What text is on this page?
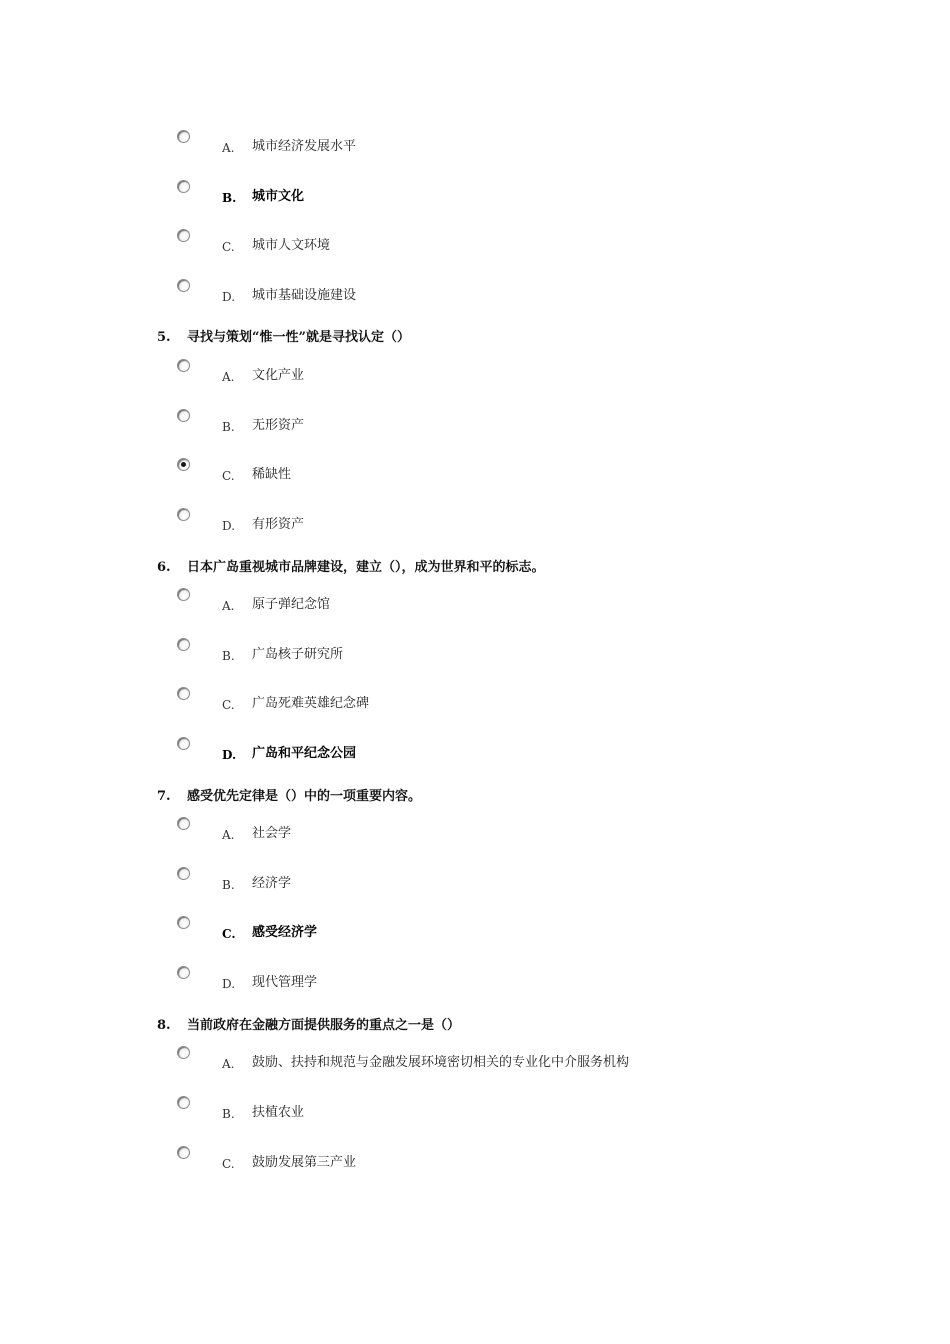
A. 城市经济发展水平
B. 城市文化
C. 城市人文环境
D. 城市基础设施建设
5. 寻找与策划“惟一性”就是寻找认定（）
A. 文化产业
B. 无形资产
C. 稀缺性
D. 有形资产
6. 日本广岛重视城市品牌建设，建立（），成为世界和平的标志。
A. 原子弹纪念馆
B. 广岛核子研究所
C. 广岛死难英雄纪念碑
D. 广岛和平纪念公园
7. 感受优先定律是（）中的一项重要内容。
A. 社会学
B. 经济学
C. 感受经济学
D. 现代管理学
8. 当前政府在金融方面提供服务的重点之一是（）
A. 鼓励、扶持和规范与金融发展环境密切相关的专业化中介服务机构
B. 扶植农业
C. 鼓励发展第三产业
